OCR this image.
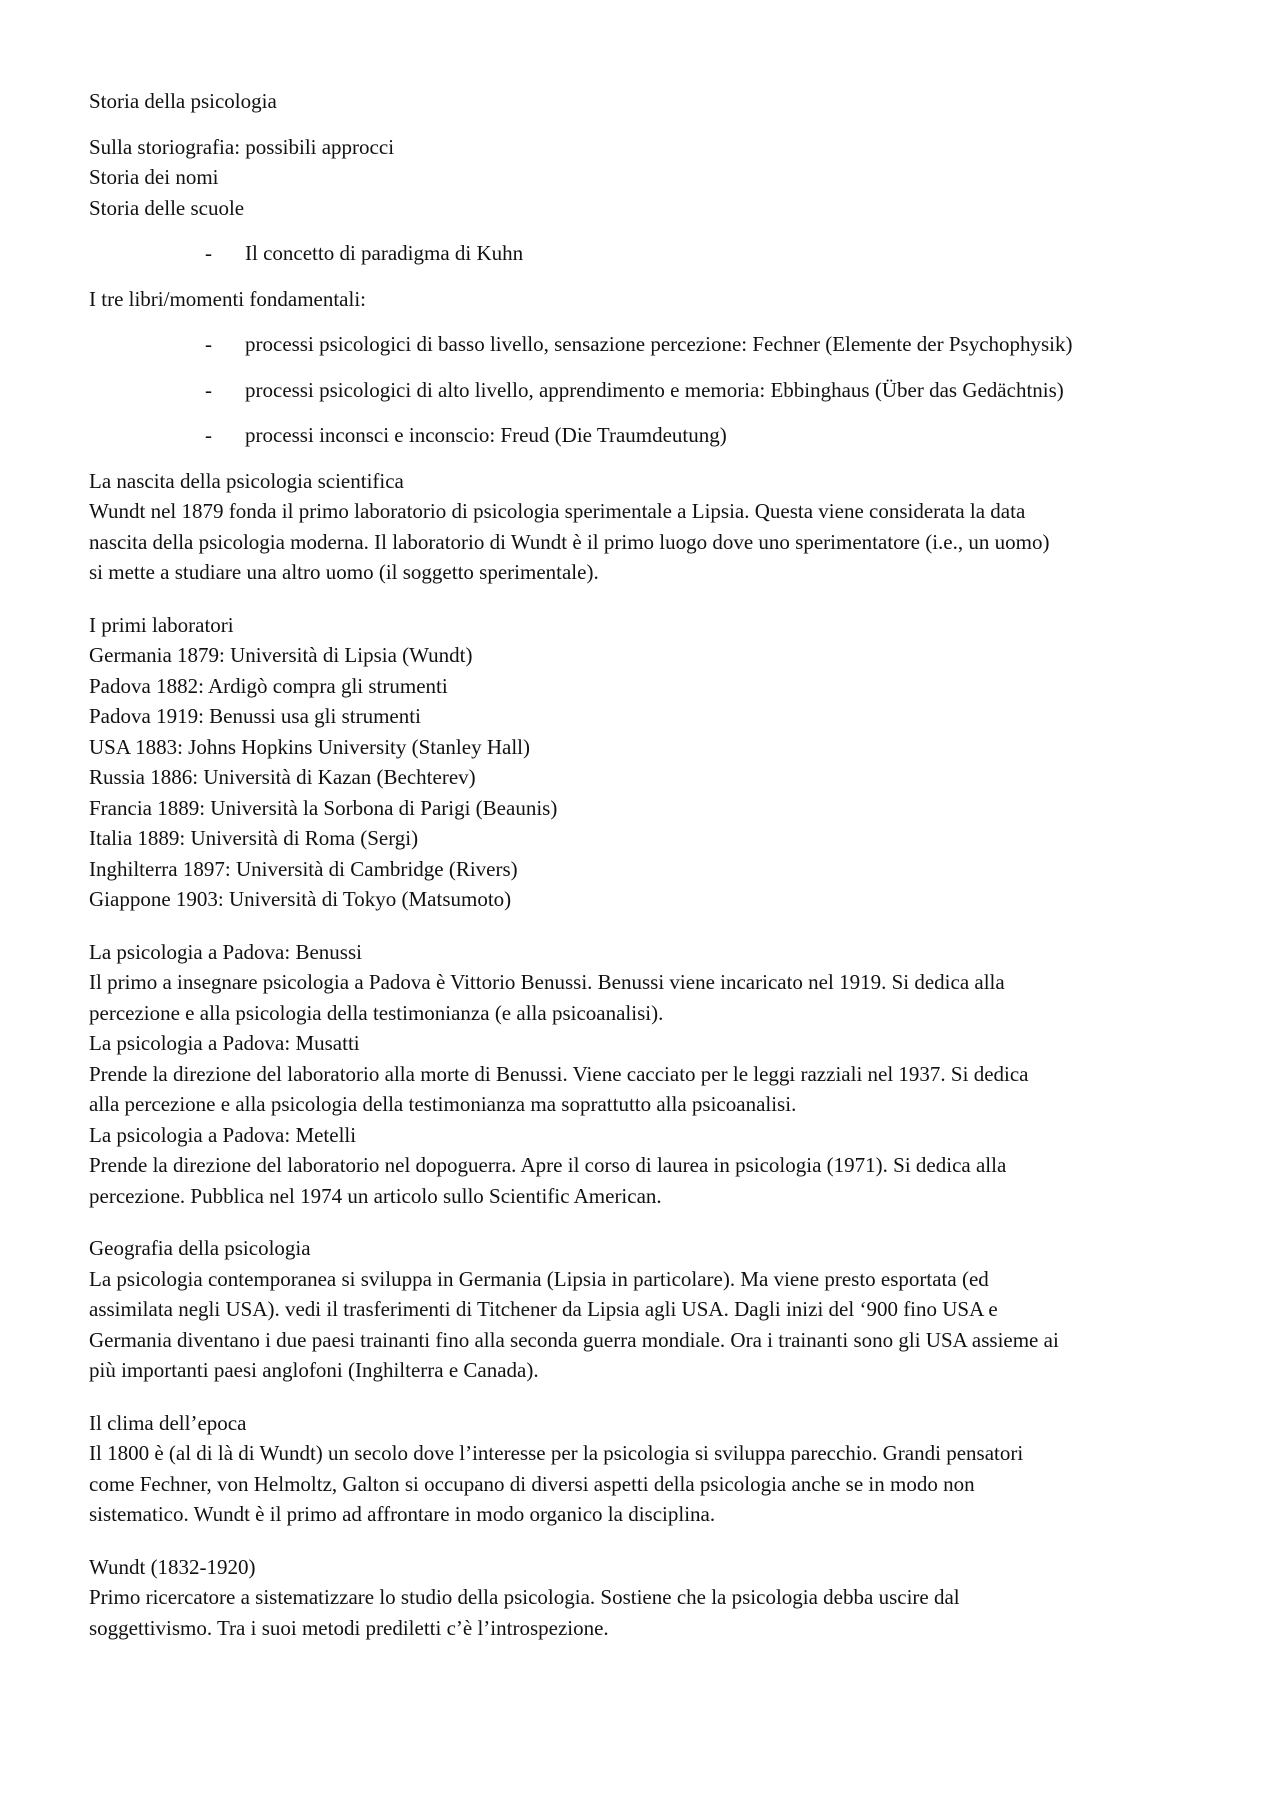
Storia della psicologia

Sulla storiografia: possibili approcci
Storia dei nomi
Storia delle scuole

- Il concetto di paradigma di Kuhn

I tre libri/momenti fondamentali:

- processi psicologici di basso livello, sensazione percezione: Fechner (Elemente der Psychophysik)

- processi psicologici di alto livello, apprendimento e memoria: Ebbinghaus (Über das Gedächtnis)

- processi inconsci e inconscio: Freud (Die Traumdeutung)

La nascita della psicologia scientifica
Wundt nel 1879 fonda il primo laboratorio di psicologia sperimentale a Lipsia. Questa viene considerata la data
nascita della psicologia moderna. Il laboratorio di Wundt è il primo luogo dove uno sperimentatore (i.e., un uomo)
si mette a studiare una altro uomo (il soggetto sperimentale).

I primi laboratori
Germania 1879: Università di Lipsia (Wundt)
Padova 1882: Ardigò compra gli strumenti
Padova 1919: Benussi usa gli strumenti
USA 1883: Johns Hopkins University (Stanley Hall)
Russia 1886: Università di Kazan (Bechterev)
Francia 1889: Università la Sorbona di Parigi (Beaunis)
Italia 1889: Università di Roma (Sergi)
Inghilterra 1897: Università di Cambridge (Rivers)
Giappone 1903: Università di Tokyo (Matsumoto)

La psicologia a Padova: Benussi
Il primo a insegnare psicologia a Padova è Vittorio Benussi. Benussi viene incaricato nel 1919. Si dedica alla
percezione e alla psicologia della testimonianza (e alla psicoanalisi).
La psicologia a Padova: Musatti
Prende la direzione del laboratorio alla morte di Benussi. Viene cacciato per le leggi razziali nel 1937. Si dedica
alla percezione e alla psicologia della testimonianza ma soprattutto alla psicoanalisi.
La psicologia a Padova: Metelli
Prende la direzione del laboratorio nel dopoguerra. Apre il corso di laurea in psicologia (1971). Si dedica alla
percezione. Pubblica nel 1974 un articolo sullo Scientific American.

Geografia della psicologia
La psicologia contemporanea si sviluppa in Germania (Lipsia in particolare). Ma viene presto esportata (ed
assimilata negli USA). vedi il trasferimenti di Titchener da Lipsia agli USA. Dagli inizi del ‘900 fino USA e
Germania diventano i due paesi trainanti fino alla seconda guerra mondiale. Ora i trainanti sono gli USA assieme ai
più importanti paesi anglofoni (Inghilterra e Canada).

Il clima dell’epoca
Il 1800 è (al di là di Wundt) un secolo dove l’interesse per la psicologia si sviluppa parecchio. Grandi pensatori
come Fechner, von Helmoltz, Galton si occupano di diversi aspetti della psicologia anche se in modo non
sistematico. Wundt è il primo ad affrontare in modo organico la disciplina.

Wundt (1832-1920)
Primo ricercatore a sistematizzare lo studio della psicologia. Sostiene che la psicologia debba uscire dal
soggettivismo. Tra i suoi metodi prediletti c’è l’introspezione.
